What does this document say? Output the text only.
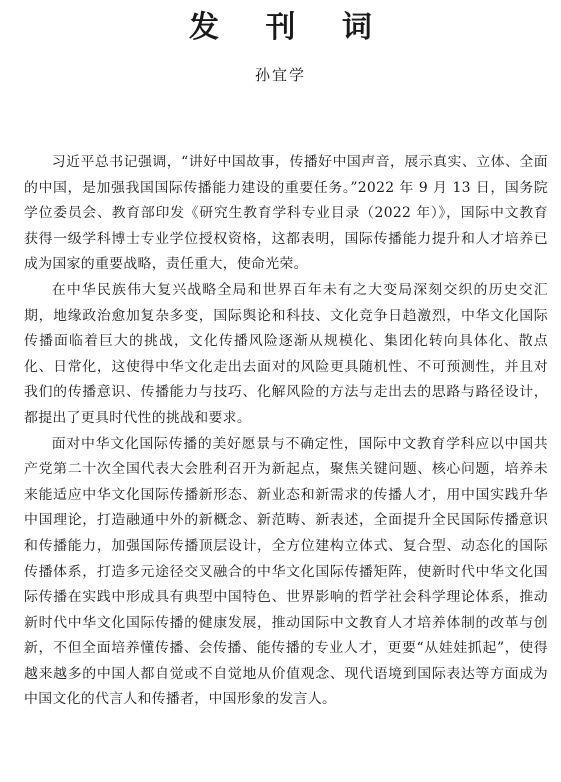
发 刊 词
孙宜学

习近平总书记强调，“讲好中国故事，传播好中国声音，展示真实、立体、全面的中国，是加强我国国际传播能力建设的重要任务。”2022 年 9 月 13 日，国务院学位委员会、教育部印发《研究生教育学科专业目录（2022 年）》，国际中文教育获得一级学科博士专业学位授权资格，这都表明，国际传播能力提升和人才培养已成为国家的重要战略，责任重大，使命光荣。

在中华民族伟大复兴战略全局和世界百年未有之大变局深刻交织的历史交汇期，地缘政治愈加复杂多变，国际舆论和科技、文化竞争日趋激烈，中华文化国际传播面临着巨大的挑战，文化传播风险逐渐从规模化、集团化转向具体化、散点化、日常化，这使得中华文化走出去面对的风险更具随机性、不可预测性，并且对我们的传播意识、传播能力与技巧、化解风险的方法与走出去的思路与路径设计，都提出了更具时代性的挑战和要求。

面对中华文化国际传播的美好愿景与不确定性，国际中文教育学科应以中国共产党第二十次全国代表大会胜利召开为新起点，聚焦关键问题、核心问题，培养未来能适应中华文化国际传播新形态、新业态和新需求的传播人才，用中国实践升华中国理论，打造融通中外的新概念、新范畴、新表述，全面提升全民国际传播意识和传播能力，加强国际传播顶层设计，全方位建构立体式、复合型、动态化的国际传播体系，打造多元途径交叉融合的中华文化国际传播矩阵，使新时代中华文化国际传播在实践中形成具有典型中国特色、世界影响的哲学社会科学理论体系，推动新时代中华文化国际传播的健康发展，推动国际中文教育人才培养体制的改革与创新，不但全面培养懂传播、会传播、能传播的专业人才，更要“从娃娃抓起”，使得越来越多的中国人都自觉或不自觉地从价值观念、现代语境到国际表达等方面成为中国文化的代言人和传播者，中国形象的发言人。
